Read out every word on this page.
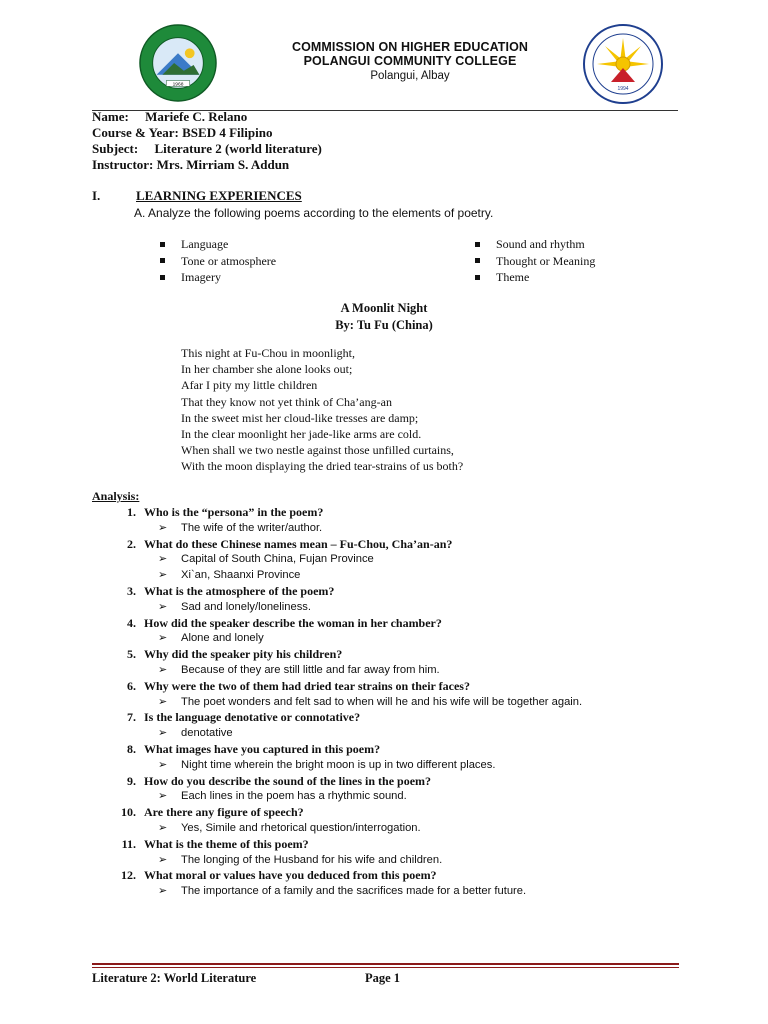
1968
COMMISSION ON HIGHER EDUCATION
POLANGUI COMMUNITY COLLEGE
Polangui, Albay
1994
Name:     Mariefe C. Relano
Course & Year: BSED 4 Filipino
Subject:     Literature 2 (world literature)
Instructor: Mrs. Mirriam S. Addun
I.	LEARNING EXPERIENCES
A. Analyze the following poems according to the elements of poetry.
Language
Tone or atmosphere
Imagery
Sound and rhythm
Thought or Meaning
Theme
A Moonlit Night
By: Tu Fu (China)
This night at Fu-Chou in moonlight,
In her chamber she alone looks out;
Afar I pity my little children
That they know not yet think of Cha’ang-an
In the sweet mist her cloud-like tresses are damp;
In the clear moonlight her jade-like arms are cold.
When shall we two nestle against those unfilled curtains,
With the moon displaying the dried tear-strains of us both?
Analysis:
1. Who is the “persona” in the poem?
➢	The wife of the writer/author.
2. What do these Chinese names mean – Fu-Chou, Cha’an-an?
➢	Capital of South China, Fujan Province
➢	Xi`an, Shaanxi Province
3. What is the atmosphere of the poem?
➢	Sad and lonely/loneliness.
4. How did the speaker describe the woman in her chamber?
➢	Alone and lonely
5. Why did the speaker pity his children?
➢	Because of they are still little and far away from him.
6. Why were the two of them had dried tear strains on their faces?
➢	The poet wonders and felt sad to when will he and his wife will be together again.
7. Is the language denotative or connotative?
➢	denotative
8. What images have you captured in this poem?
➢	Night time wherein the bright moon is up in two different places.
9. How do you describe the sound of the lines in the poem?
➢	Each lines in the poem has a rhythmic sound.
10. Are there any figure of speech?
➢	Yes, Simile and rhetorical question/interrogation.
11. What is the theme of this poem?
➢	The longing of the Husband for his wife and children.
12. What moral or values have you deduced from this poem?
➢	The importance of a family and the sacrifices made for a better future.
Literature 2: World Literature	Page 1
